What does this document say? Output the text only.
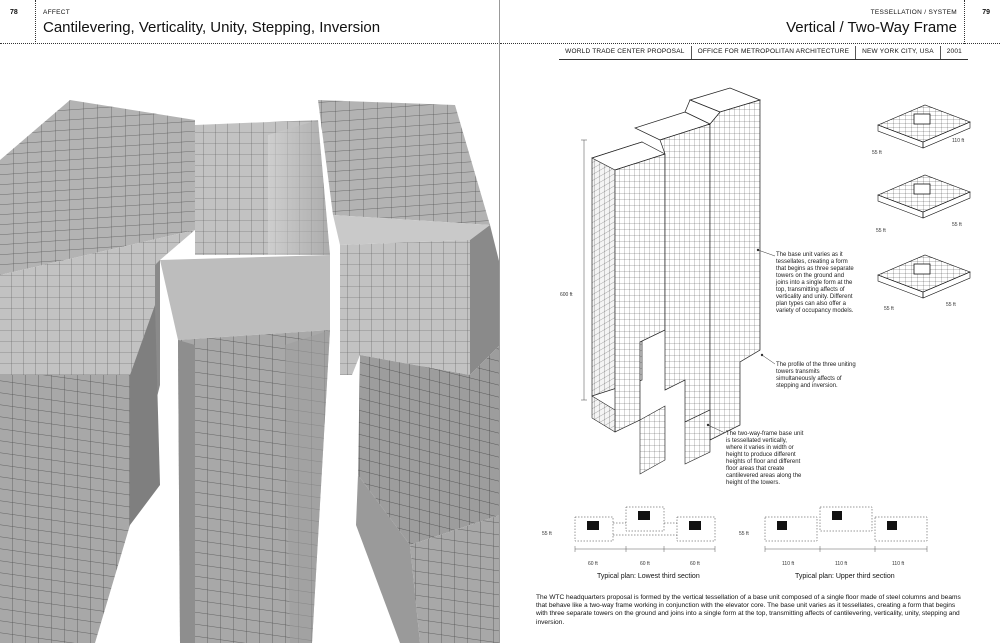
78	AFFECT
Cantilevering, Verticality, Unity, Stepping, Inversion
TESSELLATION / SYSTEM
Vertical / Two-Way Frame
79
WORLD TRADE CENTER PROPOSAL	OFFICE FOR METROPOLITAN ARCHITECTURE	NEW YORK CITY, USA	2001
600 ft
The base unit varies as it tessellates, creating a form that begins as three separate towers on the ground and joins into a single form at the top, transmitting affects of verticality and unity. Different plan types can also offer a variety of occupancy models.
The profile of the three uniting towers transmits simultaneously affects of stepping and inversion.
The two-way-frame base unit is tessellated vertically, where it varies in width or height to produce different heights of floor and different floor areas that create cantilevered areas along the height of the towers.
55 ft
110 ft
55 ft
55 ft
55 ft
55 ft
55 ft
60 ft	60 ft	60 ft
Typical plan: Lowest third section
55 ft
110 ft	110 ft	110 ft
Typical plan: Upper third section
The WTC headquarters proposal is formed by the vertical tessellation of a base unit composed of a single floor made of steel columns and beams that behave like a two-way frame working in conjunction with the elevator core. The base unit varies as it tessellates, creating a form that begins with three separate towers on the ground and joins into a single form at the top, transmitting affects of cantilevering, verticality, unity, stepping and inversion.
